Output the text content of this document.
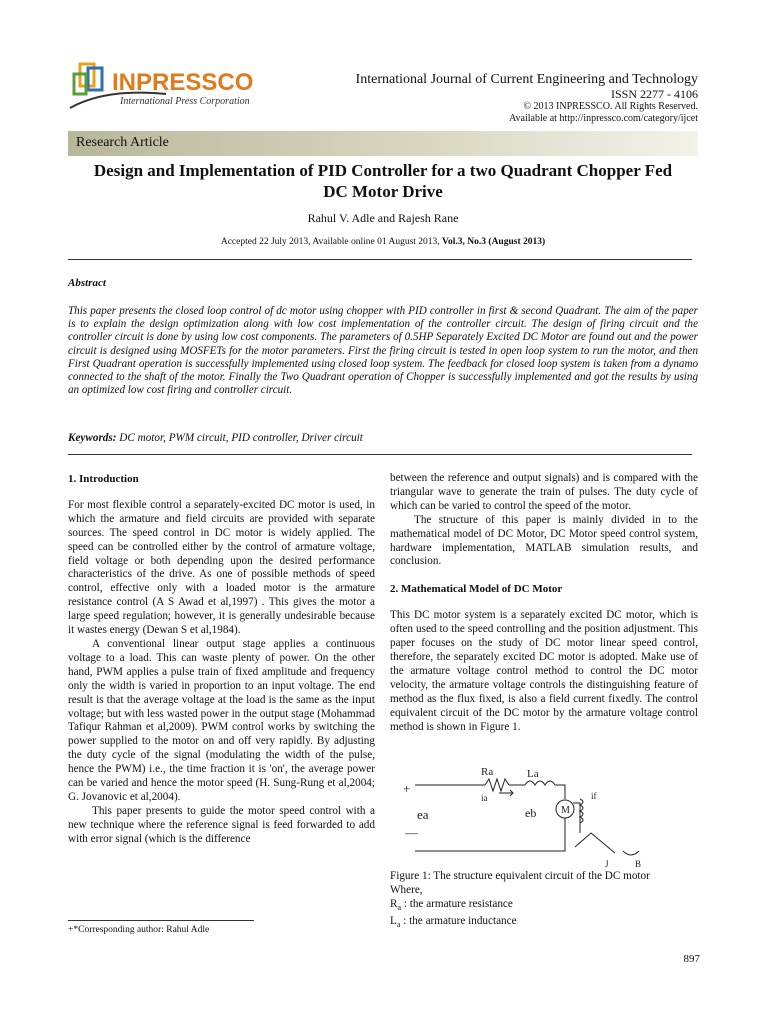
INPRESSCO
International Press Corporation
International Journal of Current Engineering and Technology
ISSN 2277 - 4106
© 2013 INPRESSCO. All Rights Reserved.
Available at http://inpressco.com/category/ijcet
Research Article
Design and Implementation of PID Controller for a two Quadrant Chopper Fed
DC Motor Drive
Rahul V. Adle and Rajesh Rane
Accepted 22 July 2013, Available online 01 August 2013, Vol.3, No.3 (August 2013)
Abstract
This paper presents the closed loop control of dc motor using chopper with PID controller in first & second Quadrant. The aim of the paper is to explain the design optimization along with low cost implementation of the controller circuit. The design of firing circuit and the controller circuit is done by using low cost components. The parameters of 0.5HP Separately Excited DC Motor are found out and the power circuit is designed using MOSFETs for the motor parameters. First the firing circuit is tested in open loop system to run the motor, and then First Quadrant operation is successfully implemented using closed loop system. The feedback for closed loop system is taken from a dynamo connected to the shaft of the motor. Finally the Two Quadrant operation of Chopper is successfully implemented and got the results by using an optimized low cost firing and controller circuit.
Keywords: DC motor, PWM circuit, PID controller, Driver circuit

1. Introduction

For most flexible control a separately-excited DC motor is used, in which the armature and field circuits are provided with separate sources. The speed control in DC motor is widely applied. The speed can be controlled either by the control of armature voltage, field voltage or both depending upon the desired performance characteristics of the drive. As one of possible methods of speed control, effective only with a loaded motor is the armature resistance control (A S Awad et al,1997) . This gives the motor a large speed regulation; however, it is generally undesirable because it wastes energy (Dewan S et al,1984).

A conventional linear output stage applies a continuous voltage to a load. This can waste plenty of power. On the other hand, PWM applies a pulse train of fixed amplitude and frequency only the width is varied in proportion to an input voltage. The end result is that the average voltage at the load is the same as the input voltage; but with less wasted power in the output stage (Mohammad Tafiqur Rahman et al,2009). PWM control works by switching the power supplied to the motor on and off very rapidly. By adjusting the duty cycle of the signal (modulating the width of the pulse, hence the PWM) i.e., the time fraction it is 'on', the average power can be varied and hence the motor speed (H. Sung-Rung et al,2004; G. Jovanovic et al,2004).

This paper presents to guide the motor speed control with a new technique where the reference signal is feed forwarded to add with error signal (which is the difference

between the reference and output signals) and is compared with the triangular wave to generate the train of pulses. The duty cycle of which can be varied to control the speed of the motor.

The structure of this paper is mainly divided in to the mathematical model of DC Motor, DC Motor speed control system, hardware implementation, MATLAB simulation results, and conclusion.

2. Mathematical Model of DC Motor

This DC motor system is a separately excited DC motor, which is often used to the speed controlling and the position adjustment. This paper focuses on the study of DC motor linear speed control, therefore, the separately excited DC motor is adopted. Make use of the armature voltage control method to control the DC motor velocity, the armature voltage controls the distinguishing feature of method as the flux fixed, is also a field current fixedly. The control equivalent circuit of the DC motor by the armature voltage control method is shown in Figure 1.

Ra	La
ia
+
ea
—
eb M
if
J	B
Figure 1: The structure equivalent circuit of the DC motor
Where,
$R_a$ : the armature resistance
$L_a$ : the armature inductance
+*Corresponding author: Rahul Adle
897
